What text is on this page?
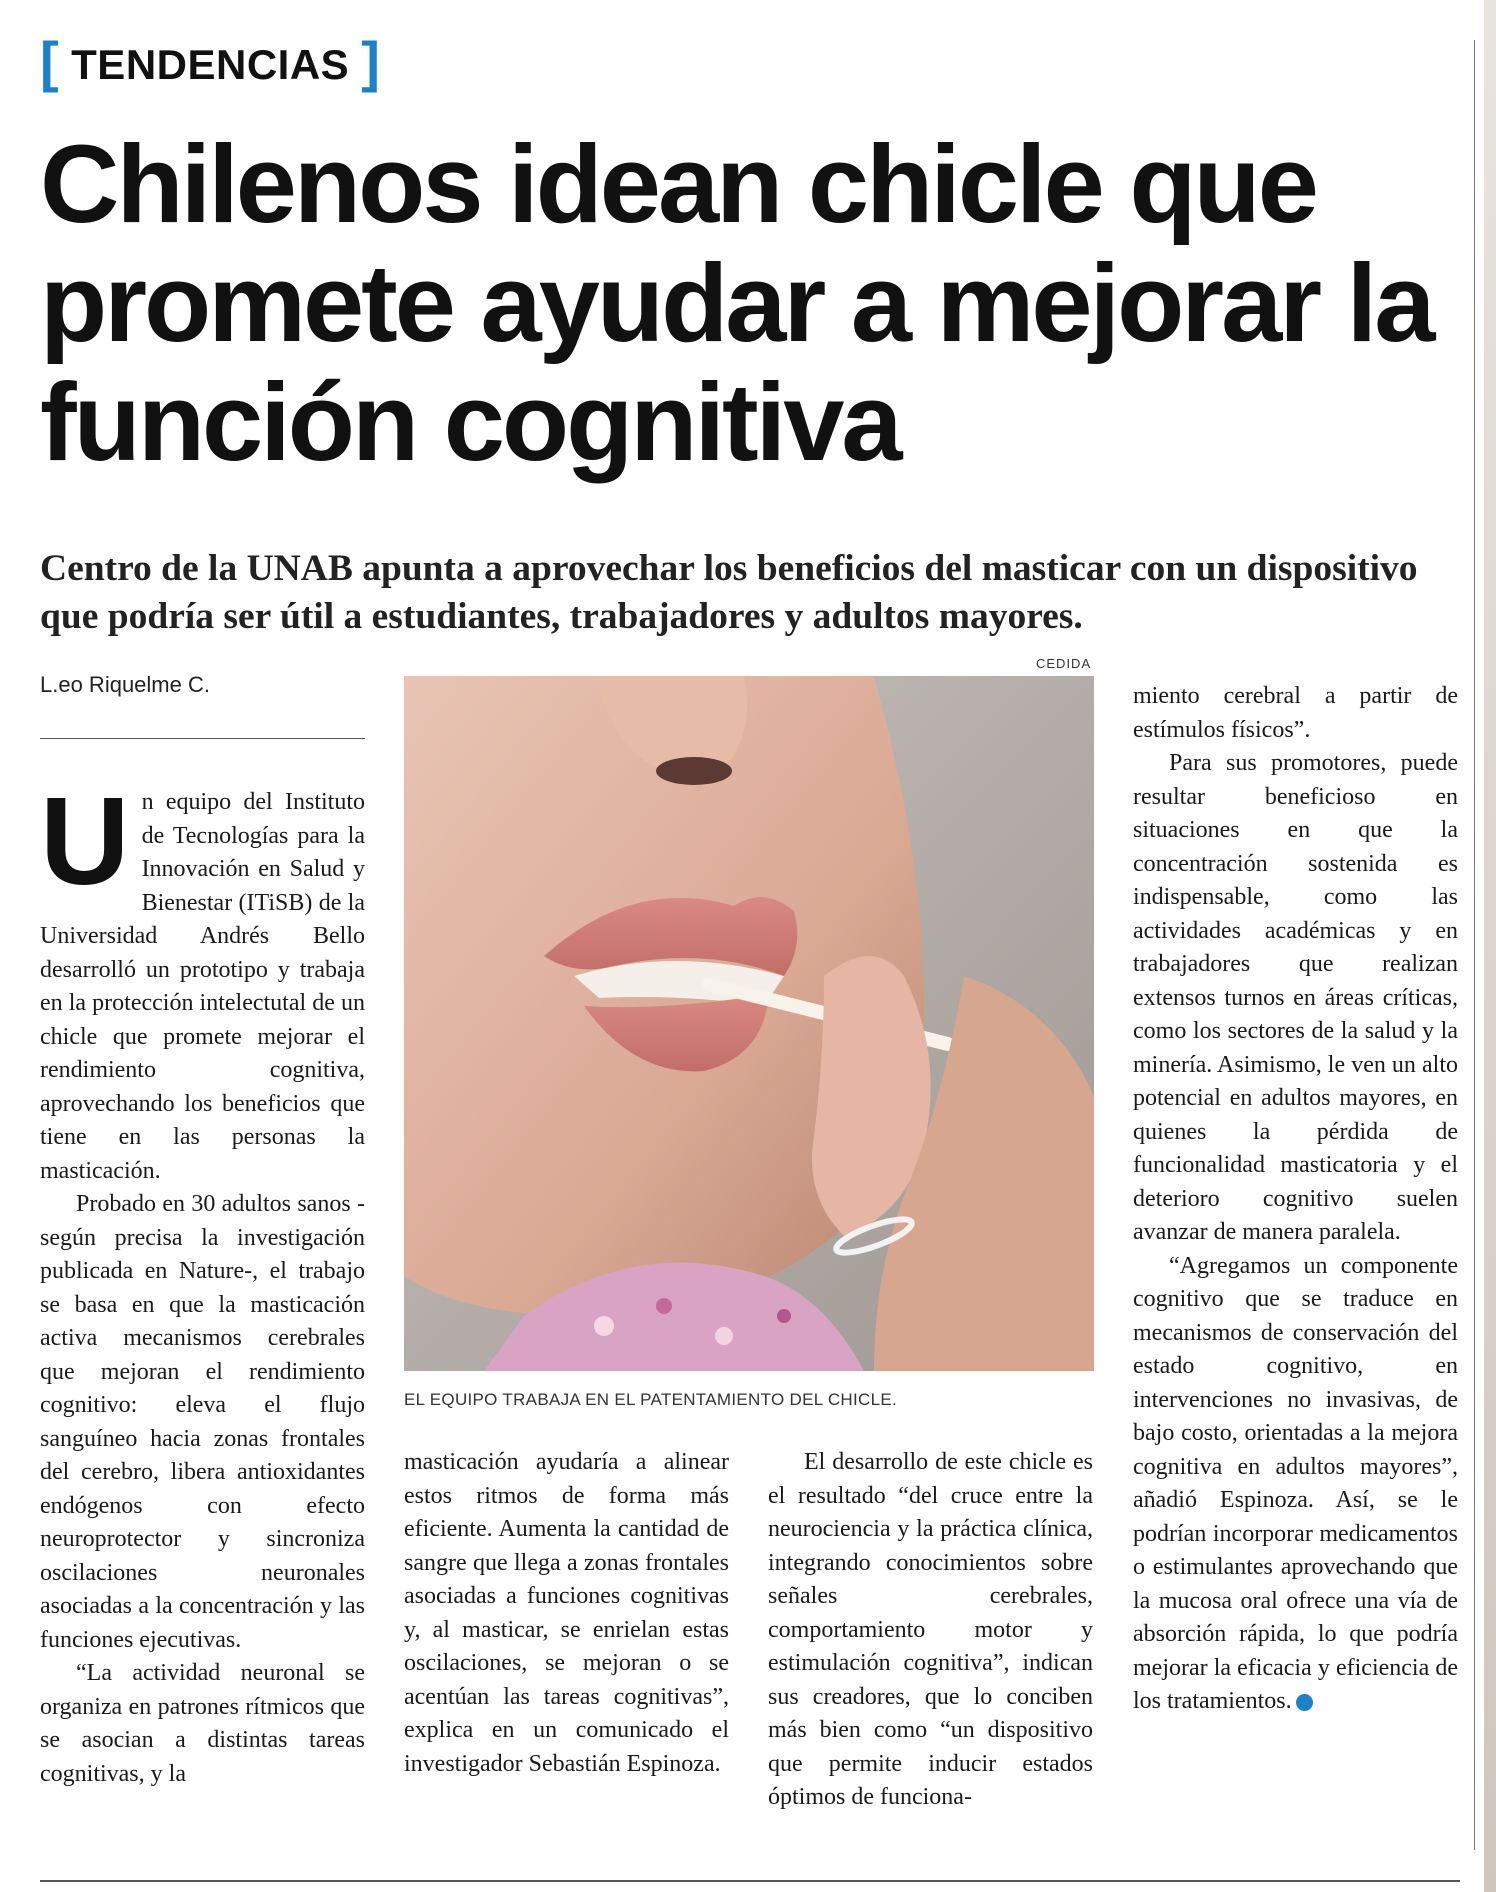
[ TENDENCIAS ]
Chilenos idean chicle que promete ayudar a mejorar la función cognitiva

Centro de la UNAB apunta a aprovechar los beneficios del masticar con un dispositivo que podría ser útil a estudiantes, trabajadores y adultos mayores.

L.eo Riquelme C.
CEDIDA
EL EQUIPO TRABAJA EN EL PATENTAMIENTO DEL CHICLE.
U n equipo del Instituto de Tecnologías para la Innovación en Salud y Bienestar (ITiSB) de la Universidad Andrés Bello desarrolló un prototipo y trabaja en la protección intelectutal de un chicle que promete mejorar el rendimiento cognitiva, aprovechando los beneficios que tiene en las personas la masticación.

Probado en 30 adultos sanos -según precisa la investigación publicada en Nature-, el trabajo se basa en que la masticación activa mecanismos cerebrales que mejoran el rendimiento cognitivo: eleva el flujo sanguíneo hacia zonas frontales del cerebro, libera antioxidantes endógenos con efecto neuroprotector y sincroniza oscilaciones neuronales asociadas a la concentración y las funciones ejecutivas.

“La actividad neuronal se organiza en patrones rítmicos que se asocian a distintas tareas cognitivas, y la

masticación ayudaría a alinear estos ritmos de forma más eficiente. Aumenta la cantidad de sangre que llega a zonas frontales asociadas a funciones cognitivas y, al masticar, se enrielan estas oscilaciones, se mejoran o se acentúan las tareas cognitivas”, explica en un comunicado el investigador Sebastián Espinoza.

El desarrollo de este chicle es el resultado “del cruce entre la neurociencia y la práctica clínica, integrando conocimientos sobre señales cerebrales, comportamiento motor y estimulación cognitiva”, indican sus creadores, que lo conciben más bien como “un dispositivo que permite inducir estados óptimos de funciona-

miento cerebral a partir de estímulos físicos”.

Para sus promotores, puede resultar beneficioso en situaciones en que la concentración sostenida es indispensable, como las actividades académicas y en trabajadores que realizan extensos turnos en áreas críticas, como los sectores de la salud y la minería. Asimismo, le ven un alto potencial en adultos mayores, en quienes la pérdida de funcionalidad masticatoria y el deterioro cognitivo suelen avanzar de manera paralela.

“Agregamos un componente cognitivo que se traduce en mecanismos de conservación del estado cognitivo, en intervenciones no invasivas, de bajo costo, orientadas a la mejora cognitiva en adultos mayores”, añadió Espinoza. Así, se le podrían incorporar medicamentos o estimulantes aprovechando que la mucosa oral ofrece una vía de absorción rápida, lo que podría mejorar la eficacia y eficiencia de los tratamientos.	✪
